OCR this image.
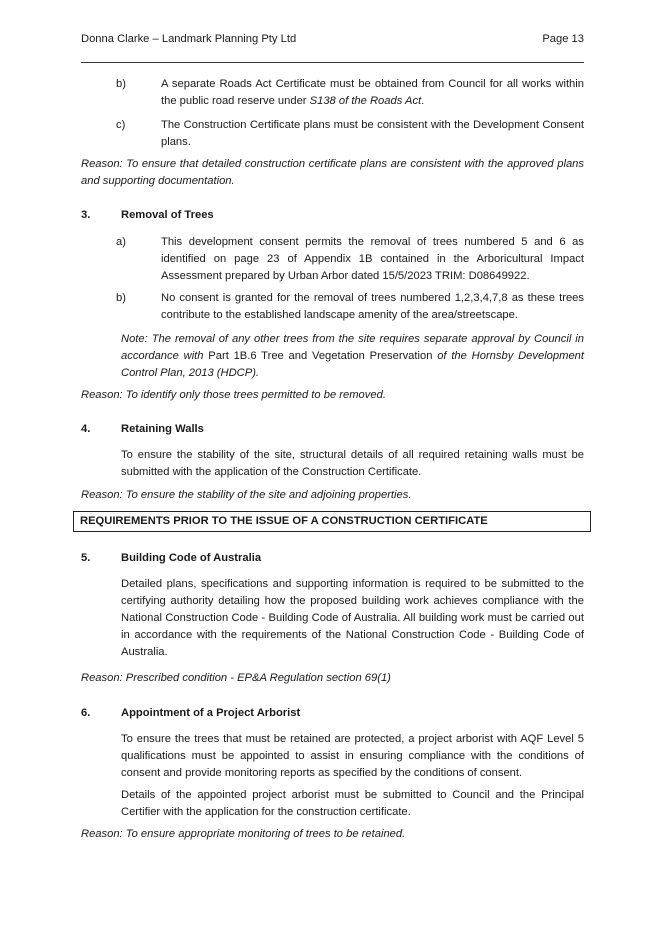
Donna Clarke – Landmark Planning Pty Ltd	Page 13
b)	A separate Roads Act Certificate must be obtained from Council for all works within the public road reserve under S138 of the Roads Act.
c)	The Construction Certificate plans must be consistent with the Development Consent plans.
Reason: To ensure that detailed construction certificate plans are consistent with the approved plans and supporting documentation.
3.	Removal of Trees
a)	This development consent permits the removal of trees numbered 5 and 6 as identified on page 23 of Appendix 1B contained in the Arboricultural Impact Assessment prepared by Urban Arbor dated 15/5/2023 TRIM: D08649922.
b)	No consent is granted for the removal of trees numbered 1,2,3,4,7,8 as these trees contribute to the established landscape amenity of the area/streetscape.
Note: The removal of any other trees from the site requires separate approval by Council in accordance with Part 1B.6 Tree and Vegetation Preservation of the Hornsby Development Control Plan, 2013 (HDCP).
Reason: To identify only those trees permitted to be removed.
4.	Retaining Walls
To ensure the stability of the site, structural details of all required retaining walls must be submitted with the application of the Construction Certificate.
Reason: To ensure the stability of the site and adjoining properties.
REQUIREMENTS PRIOR TO THE ISSUE OF A CONSTRUCTION CERTIFICATE
5.	Building Code of Australia
Detailed plans, specifications and supporting information is required to be submitted to the certifying authority detailing how the proposed building work achieves compliance with the National Construction Code - Building Code of Australia. All building work must be carried out in accordance with the requirements of the National Construction Code - Building Code of Australia.
Reason: Prescribed condition - EP&A Regulation section 69(1)
6.	Appointment of a Project Arborist
To ensure the trees that must be retained are protected, a project arborist with AQF Level 5 qualifications must be appointed to assist in ensuring compliance with the conditions of consent and provide monitoring reports as specified by the conditions of consent.
Details of the appointed project arborist must be submitted to Council and the Principal Certifier with the application for the construction certificate.
Reason: To ensure appropriate monitoring of trees to be retained.
